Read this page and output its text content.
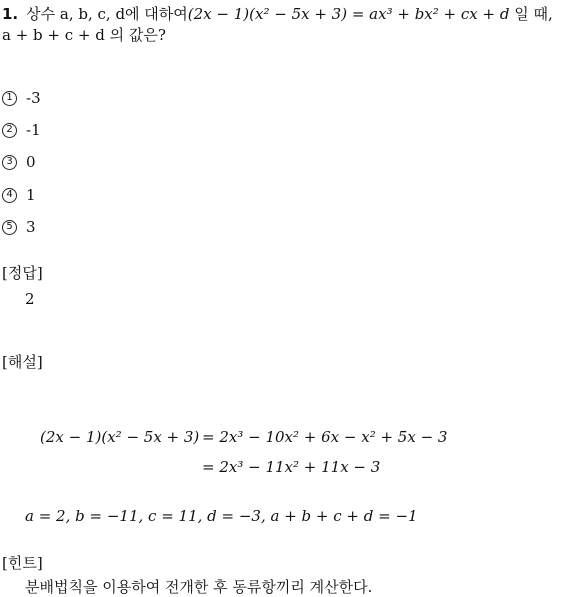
1. 상수 a, b, c, d에 대하여(2x − 1)(x² − 5x + 3) = ax³ + bx² + cx + d 일 때,
a + b + c + d 의 값은?
1 -3
2 -1
3 0
4 1
5 3
[정답]
2
[해설]
(2x − 1)(x² − 5x + 3) = 2x³ − 10x² + 6x − x² + 5x − 3
= 2x³ − 11x² + 11x − 3
a = 2, b = −11, c = 11, d = −3, a + b + c + d = −1
[힌트]
분배법칙을 이용하여 전개한 후 동류항끼리 계산한다.
